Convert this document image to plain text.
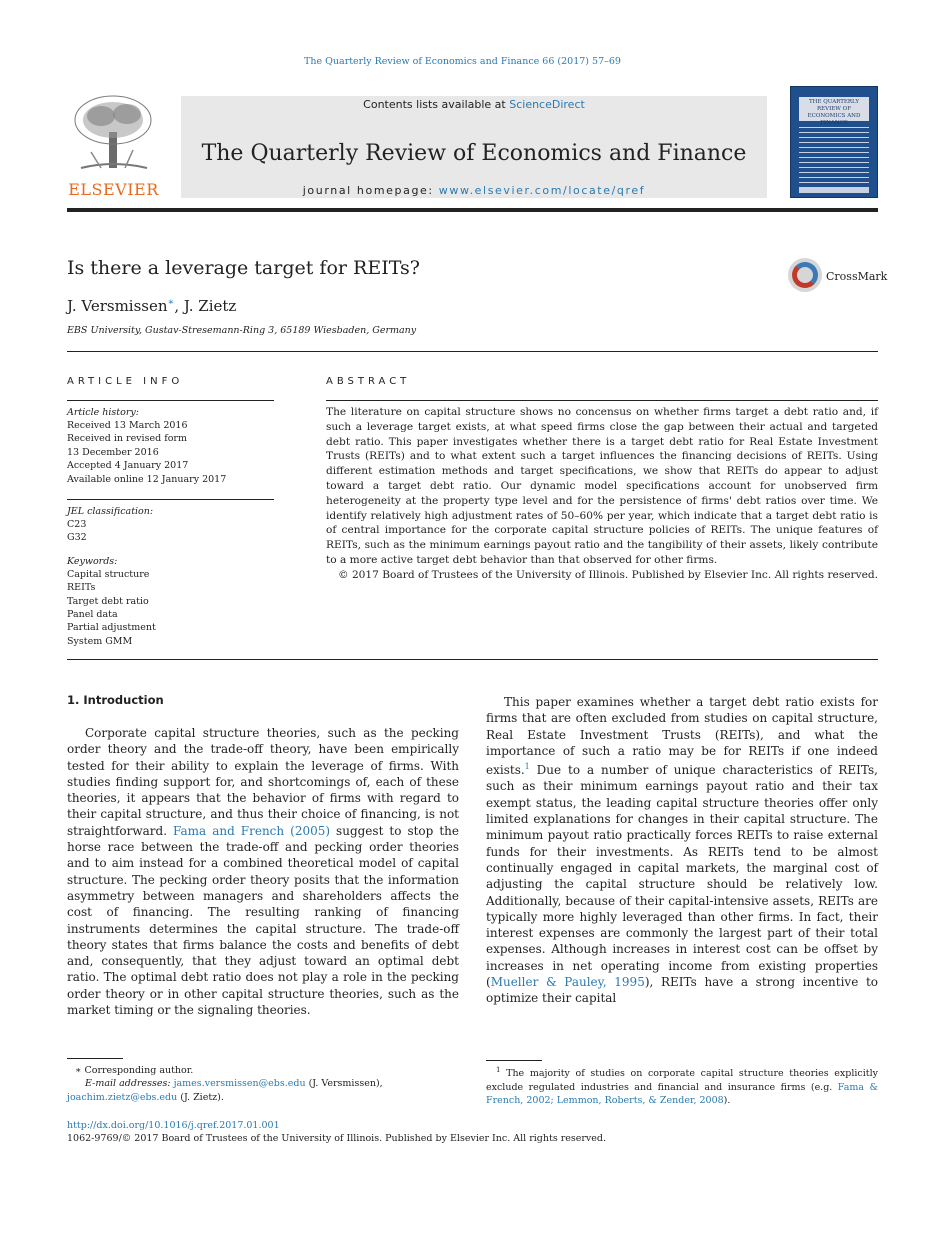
The Quarterly Review of Economics and Finance 66 (2017) 57–69
ELSEVIER
Contents lists available at ScienceDirect
The Quarterly Review of Economics and Finance
journal homepage: www.elsevier.com/locate/qref
THE QUARTERLY REVIEW OF ECONOMICS AND FINANCE
Is there a leverage target for REITs?	CrossMark
J. Versmissen∗, J. Zietz
EBS University, Gustav-Stresemann-Ring 3, 65189 Wiesbaden, Germany
ARTICLE INFO
Article history:
Received 13 March 2016
Received in revised form
13 December 2016
Accepted 4 January 2017
Available online 12 January 2017
JEL classification:
C23
G32
Keywords:
Capital structure
REITs
Target debt ratio
Panel data
Partial adjustment
System GMM
ABSTRACT
The literature on capital structure shows no concensus on whether firms target a debt ratio and, if such a leverage target exists, at what speed firms close the gap between their actual and targeted debt ratio. This paper investigates whether there is a target debt ratio for Real Estate Investment Trusts (REITs) and to what extent such a target influences the financing decisions of REITs. Using different estimation methods and target specifications, we show that REITs do appear to adjust toward a target debt ratio. Our dynamic model specifications account for unobserved firm heterogeneity at the property type level and for the persistence of firms' debt ratios over time. We identify relatively high adjustment rates of 50–60% per year, which indicate that a target debt ratio is of central importance for the corporate capital structure policies of REITs. The unique features of REITs, such as the minimum earnings payout ratio and the tangibility of their assets, likely contribute to a more active target debt behavior than that observed for other firms.
© 2017 Board of Trustees of the University of Illinois. Published by Elsevier Inc. All rights reserved.
1. Introduction

Corporate capital structure theories, such as the pecking order theory and the trade-off theory, have been empirically tested for their ability to explain the leverage of firms. With studies finding support for, and shortcomings of, each of these theories, it appears that the behavior of firms with regard to their capital structure, and thus their choice of financing, is not straightforward. Fama and French (2005) suggest to stop the horse race between the trade-off and pecking order theories and to aim instead for a combined theoretical model of capital structure. The pecking order theory posits that the information asymmetry between managers and shareholders affects the cost of financing. The resulting ranking of financing instruments determines the capital structure. The trade-off theory states that firms balance the costs and benefits of debt and, consequently, that they adjust toward an optimal debt ratio. The optimal debt ratio does not play a role in the pecking order theory or in other capital structure theories, such as the market timing or the signaling theories.

This paper examines whether a target debt ratio exists for firms that are often excluded from studies on capital structure, Real Estate Investment Trusts (REITs), and what the importance of such a ratio may be for REITs if one indeed exists.$^1$ Due to a number of unique characteristics of REITs, such as their minimum earnings payout ratio and their tax exempt status, the leading capital structure theories offer only limited explanations for changes in their capital structure. The minimum payout ratio practically forces REITs to raise external funds for their investments. As REITs tend to be almost continually engaged in capital markets, the marginal cost of adjusting the capital structure should be relatively low. Additionally, because of their capital-intensive assets, REITs are typically more highly leveraged than other firms. In fact, their interest expenses are commonly the largest part of their total expenses. Although increases in interest cost can be offset by increases in net operating income from existing properties (Mueller & Pauley, 1995), REITs have a strong incentive to optimize their capital

∗ Corresponding author.
E-mail addresses: james.versmissen@ebs.edu (J. Versmissen),
joachim.zietz@ebs.edu (J. Zietz).
$^1$ The majority of studies on corporate capital structure theories explicitly exclude regulated industries and financial and insurance firms (e.g. Fama & French, 2002; Lemmon, Roberts, & Zender, 2008).
http://dx.doi.org/10.1016/j.qref.2017.01.001
1062-9769/© 2017 Board of Trustees of the University of Illinois. Published by Elsevier Inc. All rights reserved.
